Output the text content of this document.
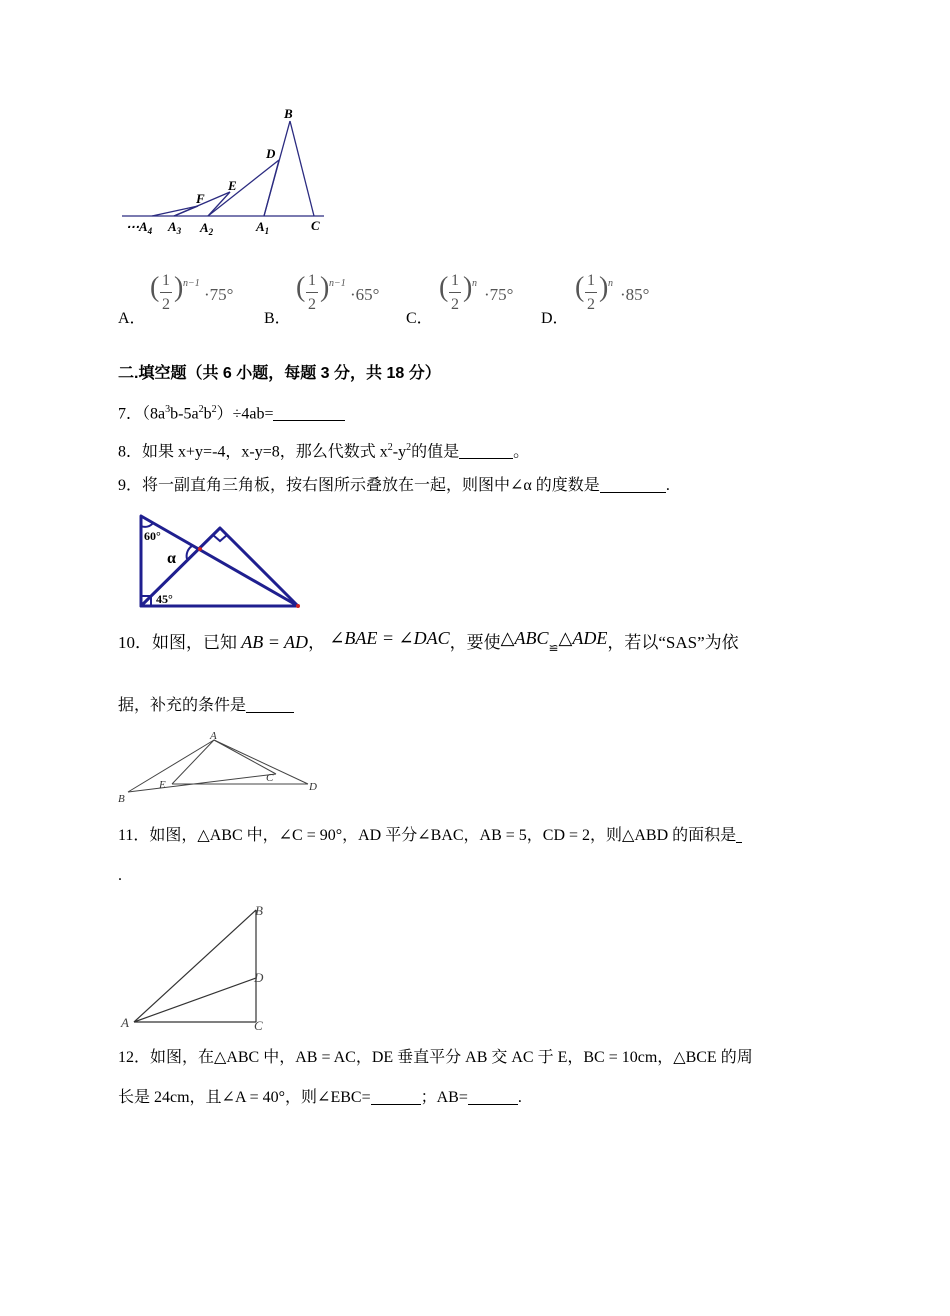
B
D
E
F
$\cdots A_4$ $A_3$ $A_2$	$A_1$	C
A．
( 1
2
) n−1
·75°
B．
( 1
2
) n−1
·65°
C．
( 1
2
) n
·75°
D．
( 1
2
) n
·85°
二.填空题（共 6 小题，每题 3 分，共 18 分）
7．$(8a^3b-5a^2b^2)\div 4ab=$
8．如果 x+y=-4，x-y=8，那么代数式 $x^2-y^2$的值是	。
9．将一副直角三角板，按右图所示叠放在一起，则图中∠α 的度数是	.
60°
α
45°
10．如图，已知 AB = AD， ∠BAE = ∠DAC，要使$\triangle ABC_≌\triangle ADE$，若以“SAS”为依
据，补充的条件是
A
B
C
D
E
11．如图，△ABC 中，∠C = 90°，AD 平分∠BAC，AB = 5，CD = 2，则△ABD 的面积是
.
A
B
C
D
12．如图，在△ABC 中，AB = AC，DE 垂直平分 AB 交 AC 于 E，BC = 10cm，△BCE 的周
长是 24cm，且∠A = 40°，则∠EBC=	；AB=	.
